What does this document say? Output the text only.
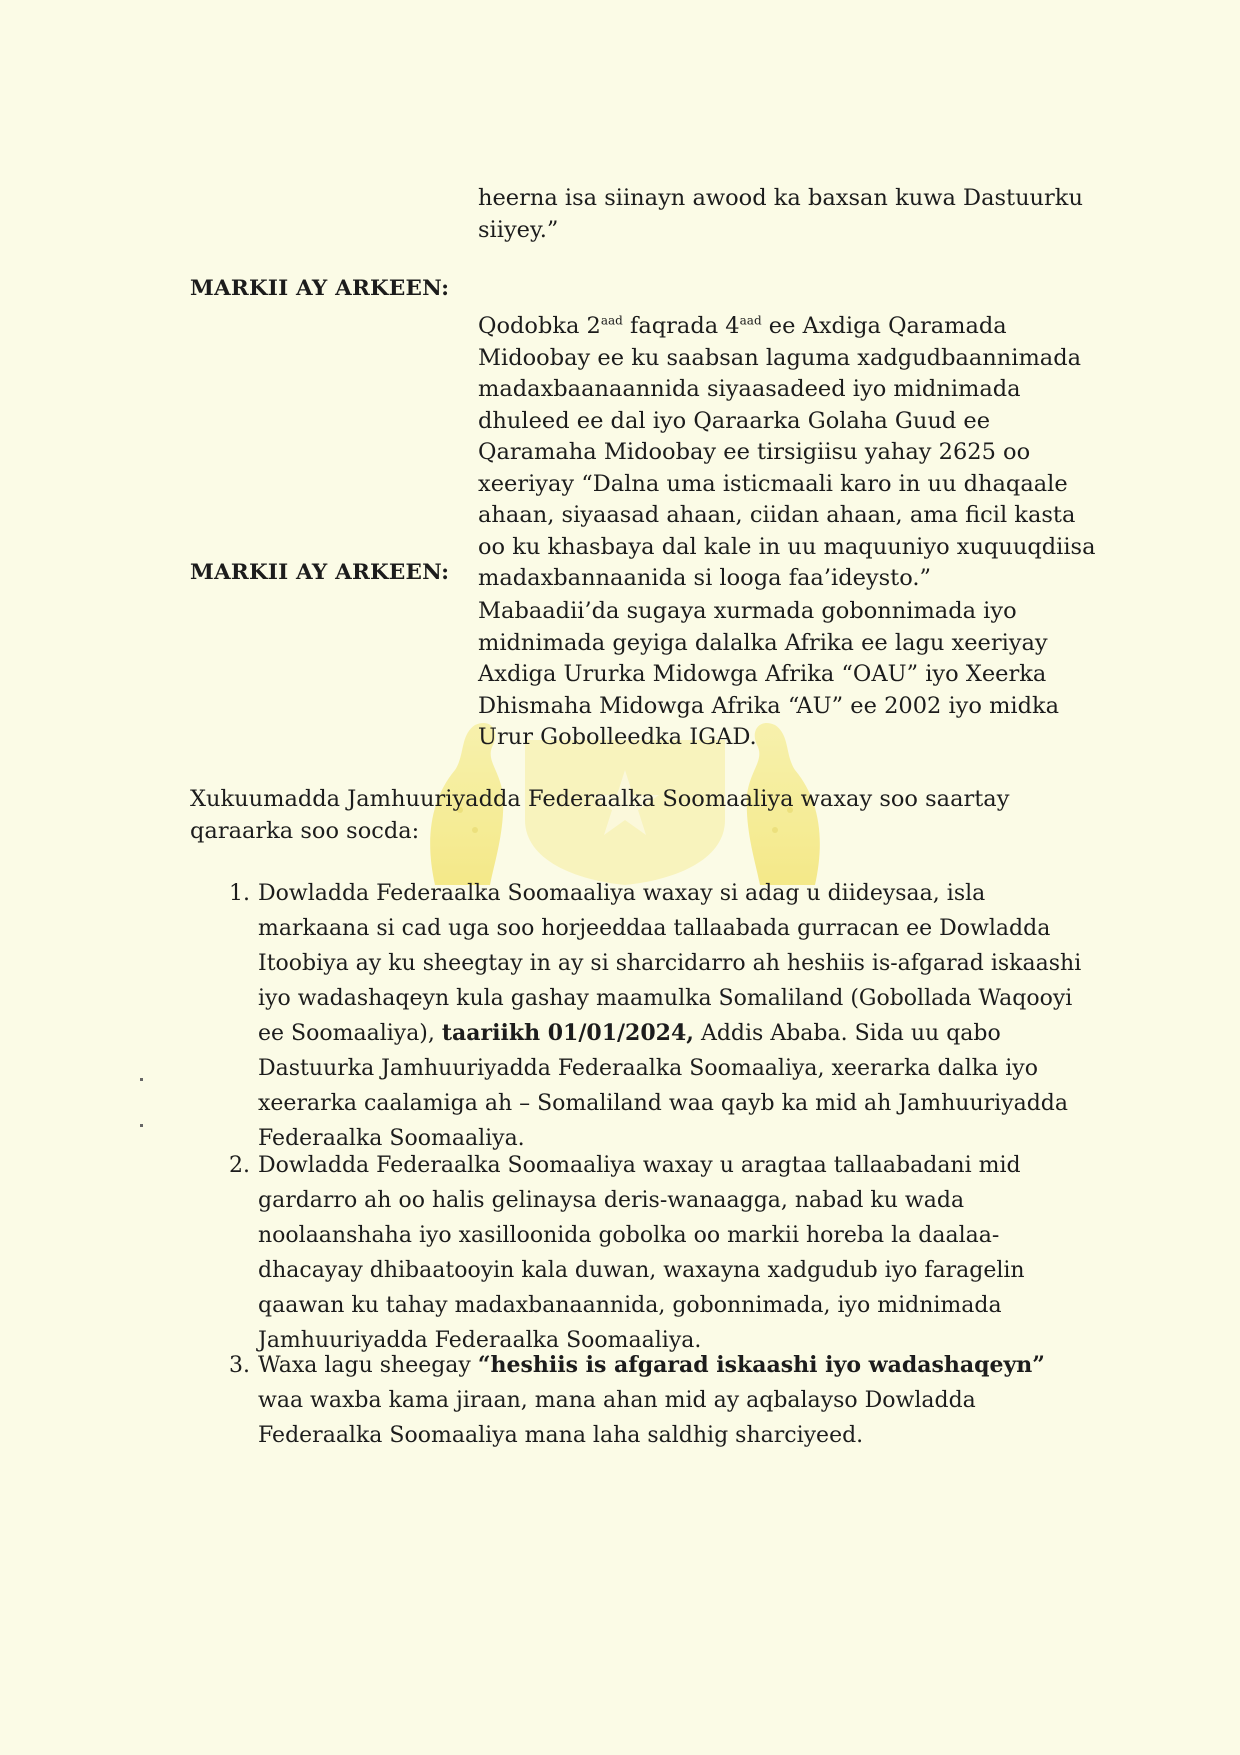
heerna isa siinayn awood ka baxsan kuwa Dastuurku siiyey.”
MARKII AY ARKEEN:
Qodobka $2^{aad}$ faqrada $4^{aad}$ ee Axdiga Qaramada Midoobay ee ku saabsan laguma xadgudbaannimada madaxbaanaannida siyaasadeed iyo midnimada dhuleed ee dal iyo Qaraarka Golaha Guud ee Qaramaha Midoobay ee tirsigiisu yahay 2625 oo xeeriyay “Dalna uma isticmaali karo in uu dhaqaale ahaan, siyaasad ahaan, ciidan ahaan, ama ficil kasta oo ku khasbaya dal kale in uu maquuniyo xuquuqdiisa madaxbannaanida si looga faa’ideysto.”
MARKII AY ARKEEN:
Mabaadii’da sugaya xurmada gobonnimada iyo midnimada geyiga dalalka Afrika ee lagu xeeriyay Axdiga Ururka Midowga Afrika “OAU” iyo Xeerka Dhismaha Midowga Afrika “AU” ee 2002 iyo midka Urur Gobolleedka IGAD.
Xukuumadda Jamhuuriyadda Federaalka Soomaaliya waxay soo saartay qaraarka soo socda:
1. Dowladda Federaalka Soomaaliya waxay si adag u diideysaa, isla markaana si cad uga soo horjeeddaa tallaabada gurracan ee Dowladda Itoobiya ay ku sheegtay in ay si sharcidarro ah heshiis is-afgarad iskaashi iyo wadashaqeyn kula gashay maamulka Somaliland (Gobollada Waqooyi ee Soomaaliya), taariikh 01/01/2024, Addis Ababa. Sida uu qabo Dastuurka Jamhuuriyadda Federaalka Soomaaliya, xeerarka dalka iyo xeerarka caalamiga ah – Somaliland waa qayb ka mid ah Jamhuuriyadda Federaalka Soomaaliya.
2. Dowladda Federaalka Soomaaliya waxay u aragtaa tallaabadani mid gardarro ah oo halis gelinaysa deris-wanaagga, nabad ku wada noolaanshaha iyo xasilloonida gobolka oo markii horeba la daalaa-dhacayay dhibaatooyin kala duwan, waxayna xadgudub iyo faragelin qaawan ku tahay madaxbanaannida, gobonnimada, iyo midnimada Jamhuuriyadda Federaalka Soomaaliya.
3. Waxa lagu sheegay “heshiis is afgarad iskaashi iyo wadashaqeyn” waa waxba kama jiraan, mana ahan mid ay aqbalayso Dowladda Federaalka Soomaaliya mana laha saldhig sharciyeed.
